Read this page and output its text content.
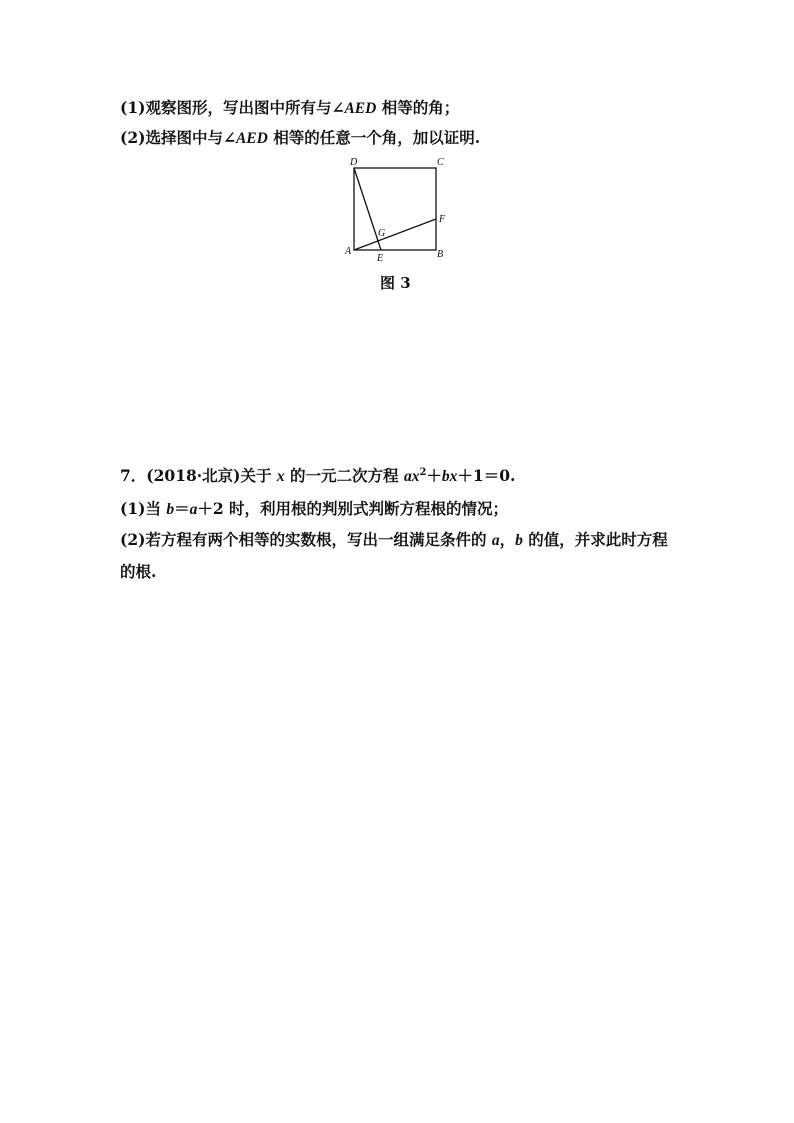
(1)观察图形，写出图中所有与∠AED 相等的角；
(2)选择图中与∠AED 相等的任意一个角，加以证明.
D	C
F
G
A
E	B
图 3
7．(2018·北京)关于 x 的一元二次方程 $ax^2+bx+1=0$.
(1)当 b＝a＋2 时，利用根的判别式判断方程根的情况；
(2)若方程有两个相等的实数根，写出一组满足条件的 a，b 的值，并求此时方程
的根.
